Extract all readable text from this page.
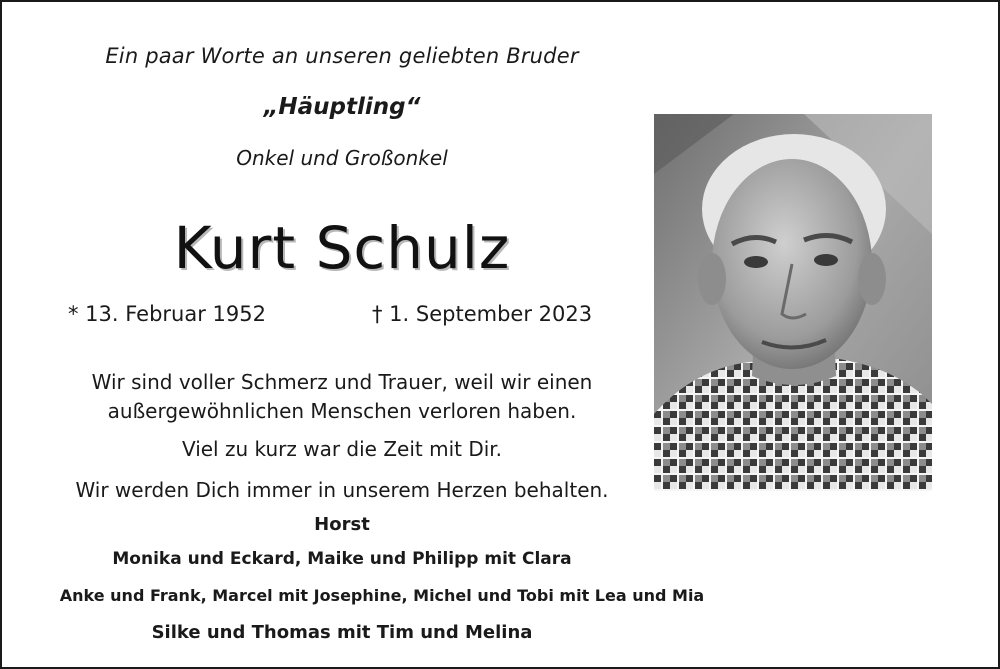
Ein paar Worte an unseren geliebten Bruder
„Häuptling“
Onkel und Großonkel
Kurt Schulz
* 13. Februar 1952	† 1. September 2023
Wir sind voller Schmerz und Trauer, weil wir einen
außergewöhnlichen Menschen verloren haben.
Viel zu kurz war die Zeit mit Dir.
Wir werden Dich immer in unserem Herzen behalten.
Horst
Monika und Eckard, Maike und Philipp mit Clara
Anke und Frank, Marcel mit Josephine, Michel und Tobi mit Lea und Mia
Silke und Thomas mit Tim und Melina
